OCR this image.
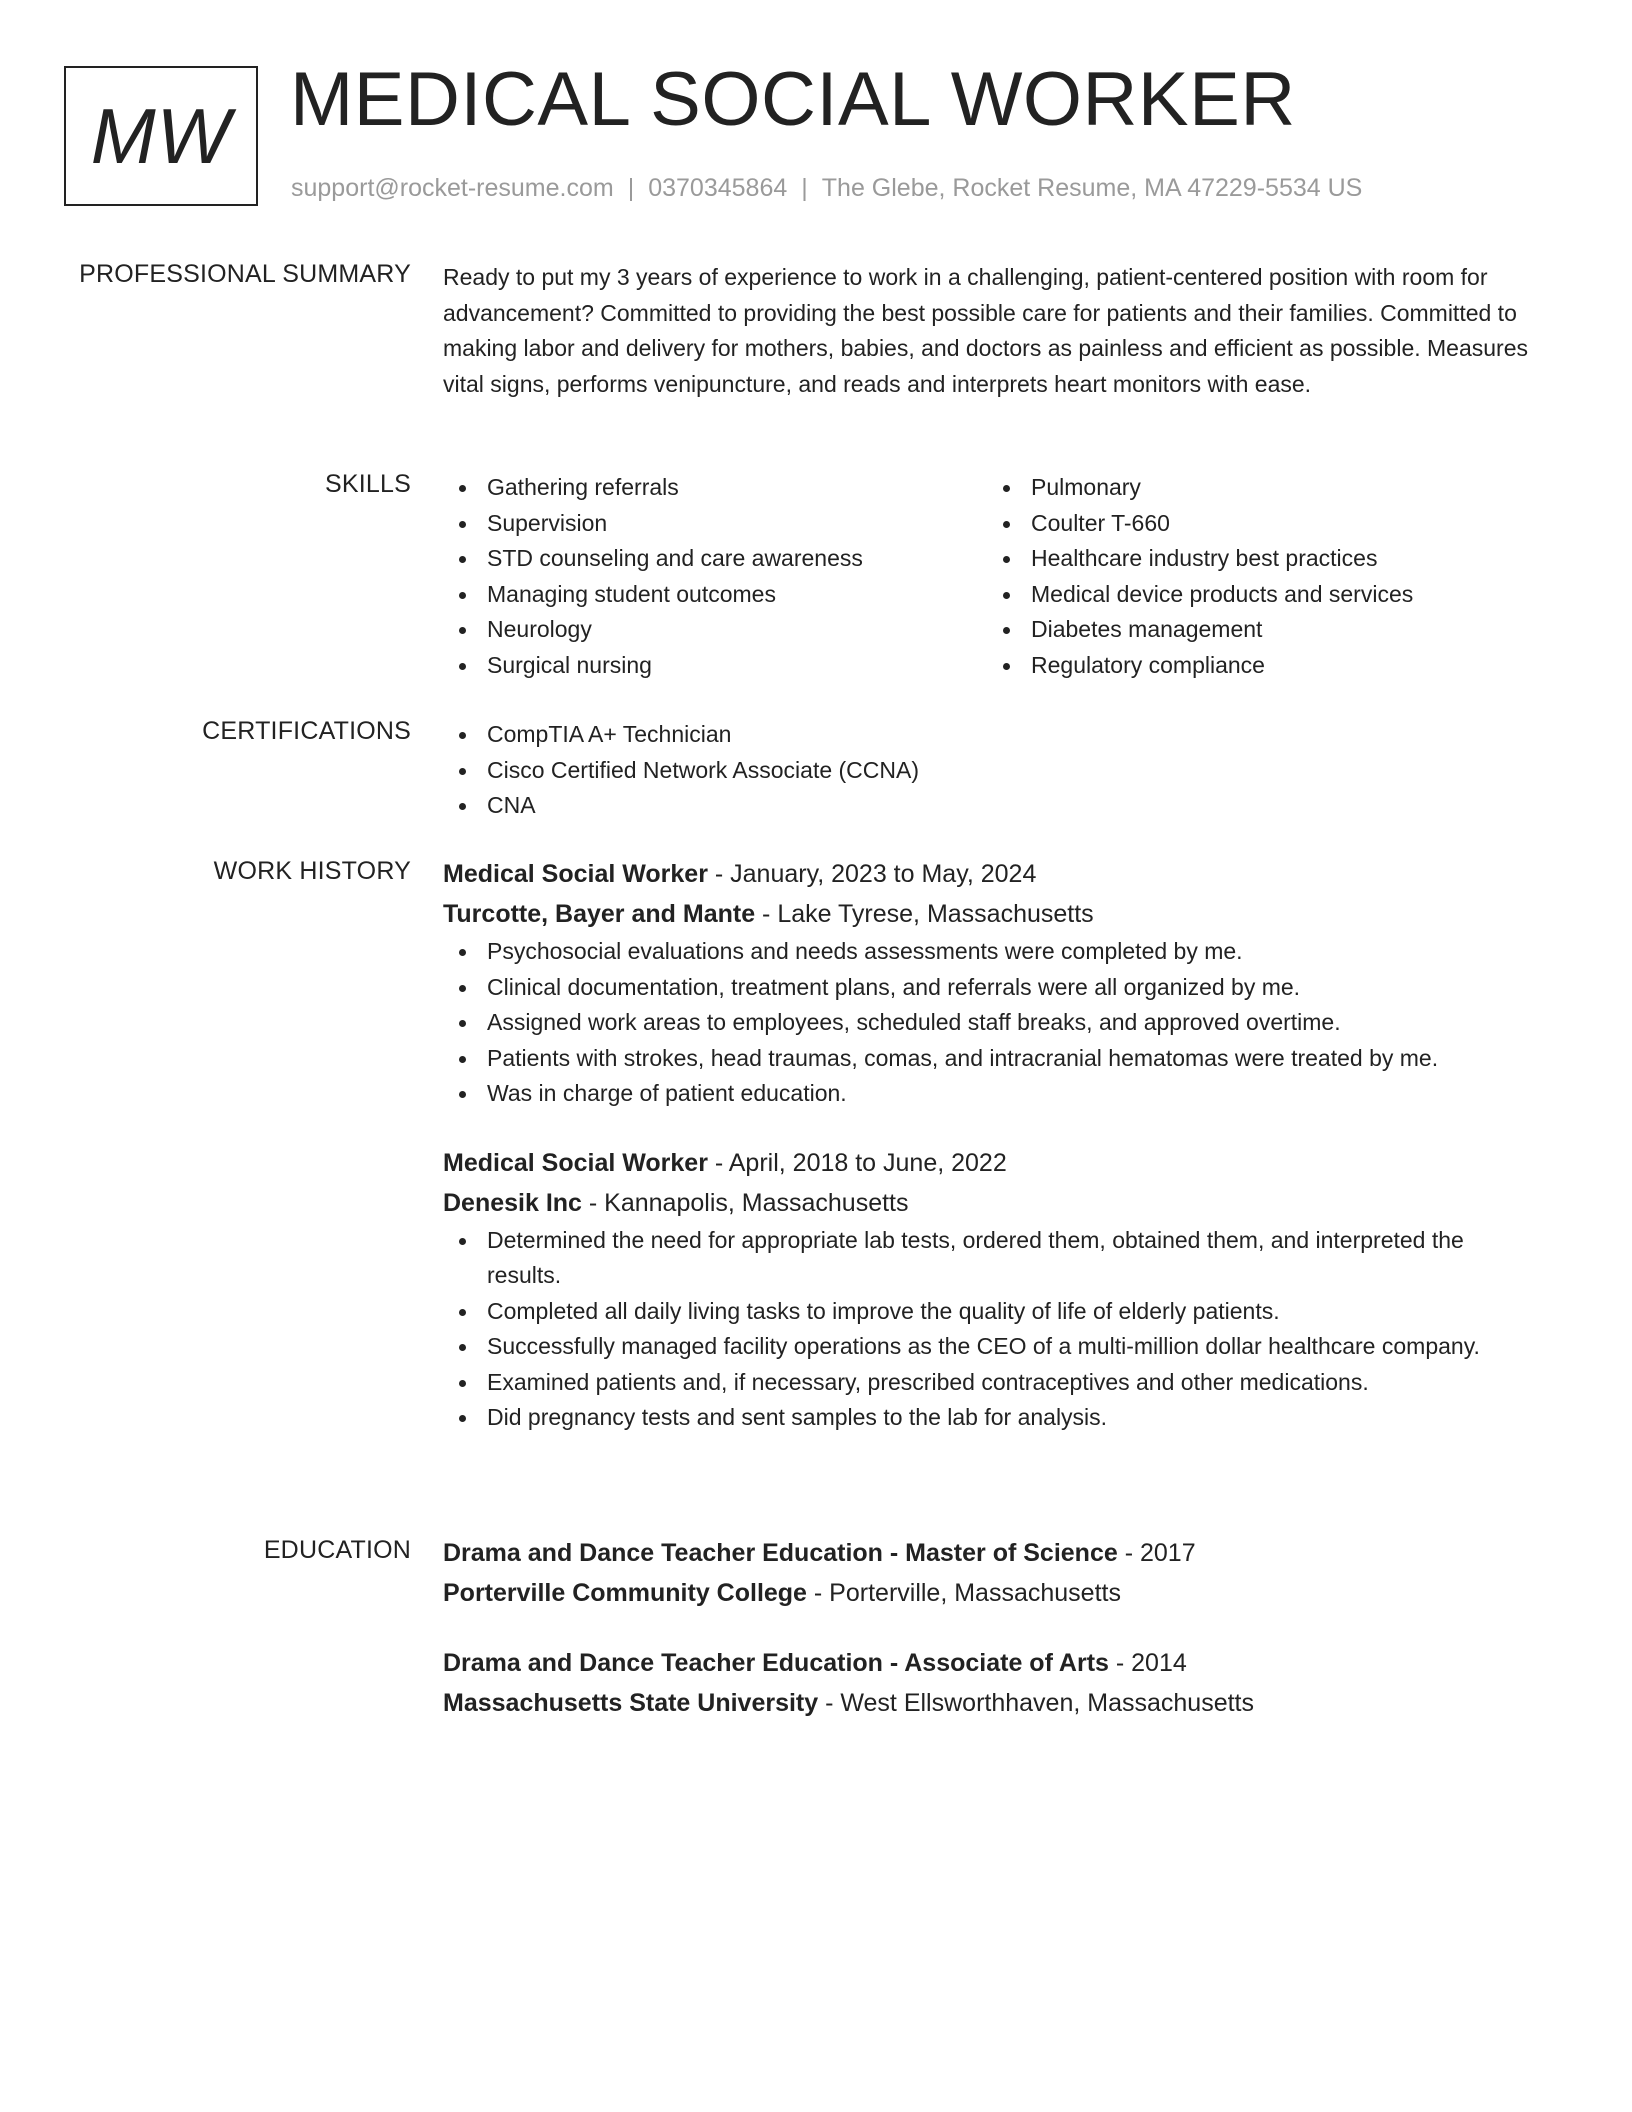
MW MEDICAL SOCIAL WORKER
support@rocket-resume.com | 0370345864 | The Glebe, Rocket Resume, MA 47229-5534 US
PROFESSIONAL SUMMARY Ready to put my 3 years of experience to work in a challenging, patient-centered position with room for advancement? Committed to providing the best possible care for patients and their families. Committed to making labor and delivery for mothers, babies, and doctors as painless and efficient as possible. Measures vital signs, performs venipuncture, and reads and interprets heart monitors with ease.
SKILLS	Gathering referrals
Supervision
STD counseling and care awareness
Managing student outcomes
Neurology
Surgical nursing
Pulmonary
Coulter T-660
Healthcare industry best practices
Medical device products and services
Diabetes management
Regulatory compliance
CERTIFICATIONS	CompTIA A+ Technician
Cisco Certified Network Associate (CCNA)
CNA
WORK HISTORY Medical Social Worker - January, 2023 to May, 2024
Turcotte, Bayer and Mante - Lake Tyrese, Massachusetts
Psychosocial evaluations and needs assessments were completed by me.
Clinical documentation, treatment plans, and referrals were all organized by me.
Assigned work areas to employees, scheduled staff breaks, and approved overtime.
Patients with strokes, head traumas, comas, and intracranial hematomas were treated by me.
Was in charge of patient education.
Medical Social Worker - April, 2018 to June, 2022
Denesik Inc - Kannapolis, Massachusetts
Determined the need for appropriate lab tests, ordered them, obtained them, and interpreted the results.
Completed all daily living tasks to improve the quality of life of elderly patients.
Successfully managed facility operations as the CEO of a multi-million dollar healthcare company.
Examined patients and, if necessary, prescribed contraceptives and other medications.
Did pregnancy tests and sent samples to the lab for analysis.
EDUCATION Drama and Dance Teacher Education - Master of Science - 2017
Porterville Community College - Porterville, Massachusetts
Drama and Dance Teacher Education - Associate of Arts - 2014
Massachusetts State University - West Ellsworthhaven, Massachusetts
